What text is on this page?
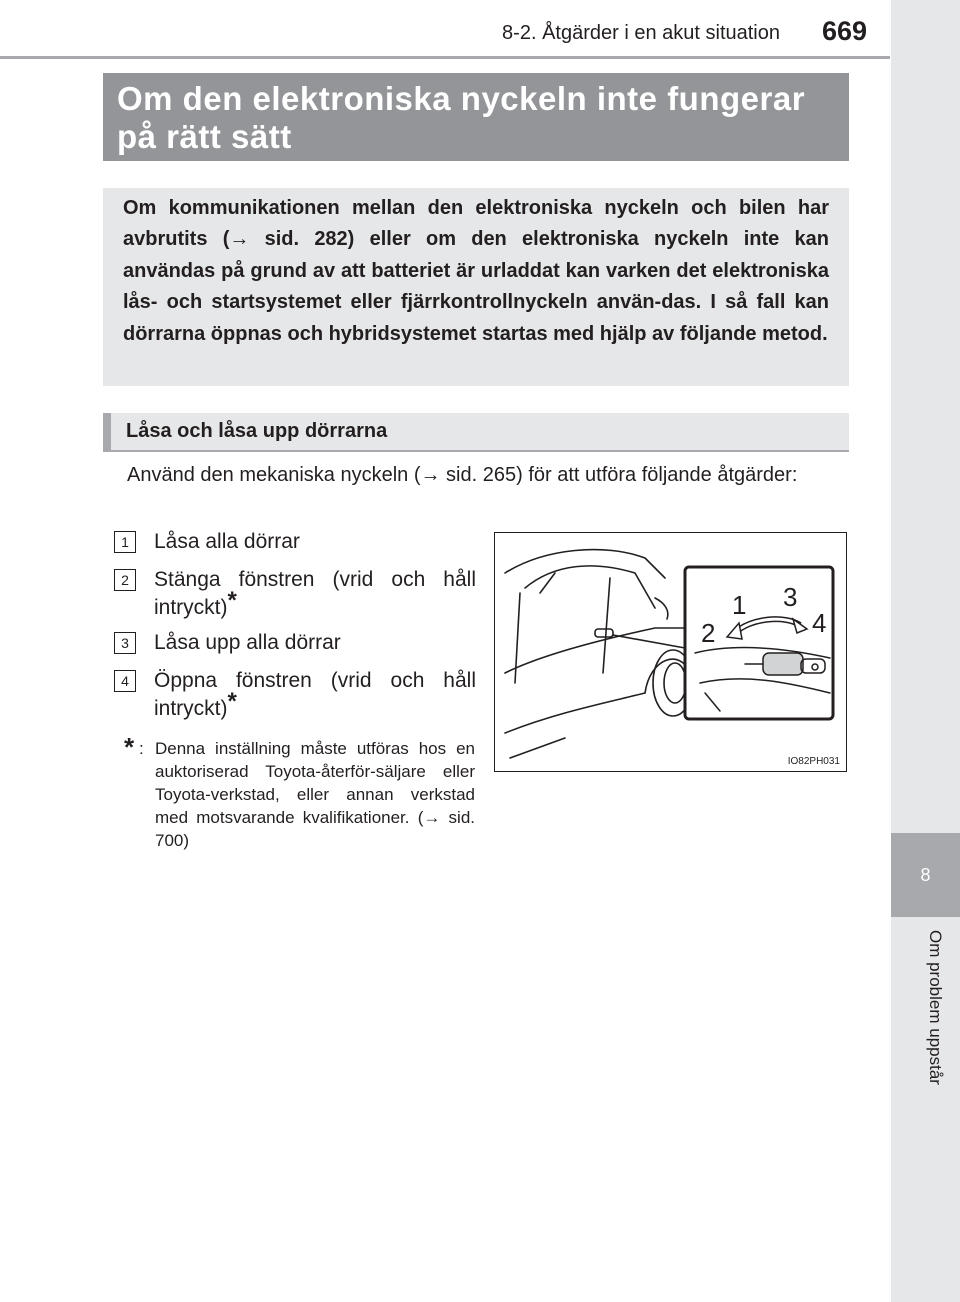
8-2. Åtgärder i en akut situation 669
8
Om problem uppstår
Om den elektroniska nyckeln inte fungerar på rätt sätt

Om kommunikationen mellan den elektroniska nyckeln och bilen har avbrutits (→ sid. 282) eller om den elektroniska nyckeln inte kan användas på grund av att batteriet är urladdat kan varken det elektroniska lås- och startsystemet eller fjärrkontrollnyckeln använ-das. I så fall kan dörrarna öppnas och hybridsystemet startas med hjälp av följande metod.

Låsa och låsa upp dörrarna

Använd den mekaniska nyckeln (→ sid. 265) för att utföra följande åtgärder:

1	Låsa alla dörrar

2	Stänga fönstren (vrid och håll intryckt)*

3	Låsa upp alla dörrar

4	Öppna fönstren (vrid och håll intryckt)*

* : Denna inställning måste utföras hos en auktoriserad Toyota-återför-säljare eller Toyota-verkstad, eller annan verkstad med motsvarande kvalifikationer. (→ sid. 700)

1
2
3
4
IO82PH031
